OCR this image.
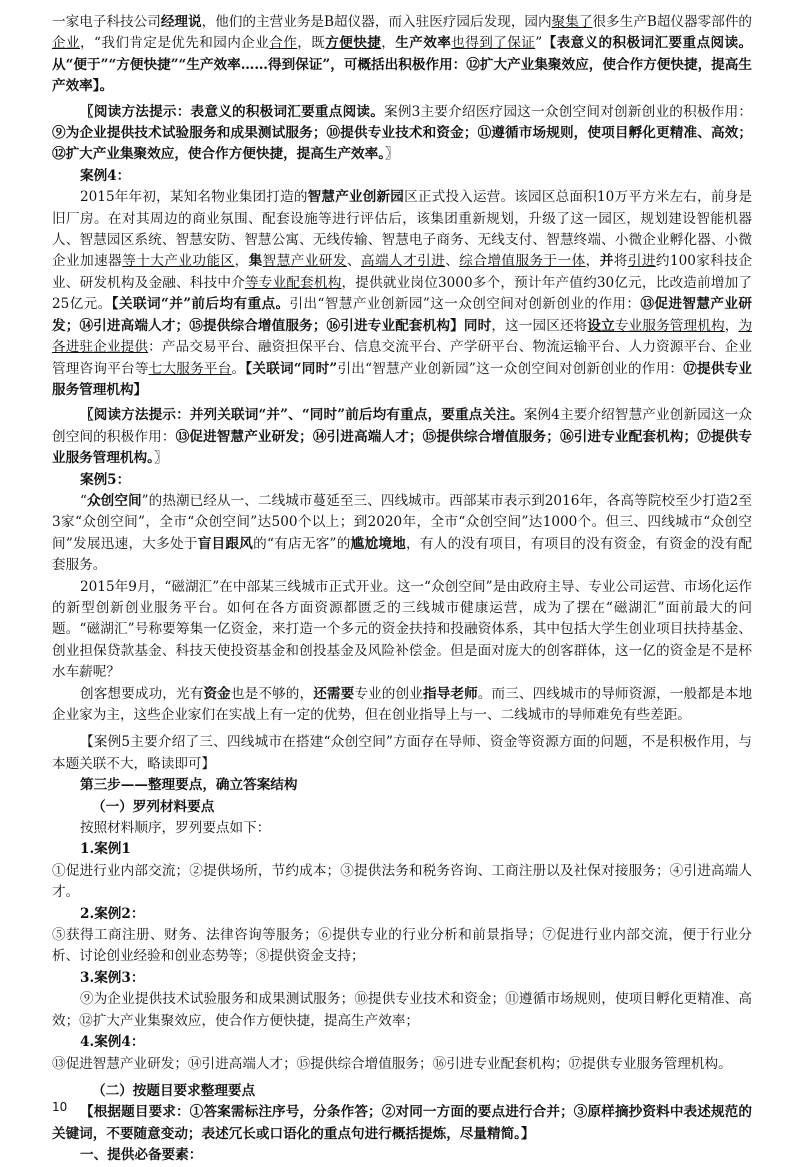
一家电子科技公司经理说，他们的主营业务是B超仪器，而入驻医疗园后发现，园内聚集了很多生产B超仪器零部件的企业，“我们肯定是优先和园内企业合作，既方便快捷，生产效率也得到了保证”【表意义的积极词汇要重点阅读。从“便于”“方便快捷”“生产效率……得到保证”，可概括出积极作用：⑫扩大产业集聚效应，使合作方便快捷，提高生产效率】。

〖阅读方法提示：表意义的积极词汇要重点阅读。案例3主要介绍医疗园这一众创空间对创新创业的积极作用：⑨为企业提供技术试验服务和成果测试服务；⑩提供专业技术和资金；⑪遵循市场规则，使项目孵化更精准、高效；⑫扩大产业集聚效应，使合作方便快捷，提高生产效率。〗

案例4：

2015年年初，某知名物业集团打造的智慧产业创新园区正式投入运营。该园区总面积10万平方米左右，前身是旧厂房。在对其周边的商业氛围、配套设施等进行评估后，该集团重新规划，升级了这一园区，规划建设智能机器人、智慧园区系统、智慧安防、智慧公寓、无线传输、智慧电子商务、无线支付、智慧终端、小微企业孵化器、小微企业加速器等十大产业功能区，集智慧产业研发、高端人才引进、综合增值服务于一体，并将引进约100家科技企业、研发机构及金融、科技中介等专业配套机构，提供就业岗位3000多个，预计年产值约30亿元，比改造前增加了25亿元。【关联词“并”前后均有重点。引出“智慧产业创新园”这一众创空间对创新创业的作用：⑬促进智慧产业研发；⑭引进高端人才；⑮提供综合增值服务；⑯引进专业配套机构】同时，这一园区还将设立专业服务管理机构，为各进驻企业提供：产品交易平台、融资担保平台、信息交流平台、产学研平台、物流运输平台、人力资源平台、企业管理咨询平台等七大服务平台。【关联词“同时”引出“智慧产业创新园”这一众创空间对创新创业的作用：⑰提供专业服务管理机构】

〖阅读方法提示：并列关联词“并”、“同时”前后均有重点，要重点关注。案例4主要介绍智慧产业创新园这一众创空间的积极作用：⑬促进智慧产业研发；⑭引进高端人才；⑮提供综合增值服务；⑯引进专业配套机构；⑰提供专业服务管理机构。〗

案例5：

“众创空间”的热潮已经从一、二线城市蔓延至三、四线城市。西部某市表示到2016年，各高等院校至少打造2至3家“众创空间”，全市“众创空间”达500个以上；到2020年，全市“众创空间”达1000个。但三、四线城市“众创空间”发展迅速，大多处于盲目跟风的“有店无客”的尴尬境地，有人的没有项目，有项目的没有资金，有资金的没有配套服务。

2015年9月，“磁湖汇”在中部某三线城市正式开业。这一“众创空间”是由政府主导、专业公司运营、市场化运作的新型创新创业服务平台。如何在各方面资源都匮乏的三线城市健康运营，成为了摆在“磁湖汇”面前最大的问题。“磁湖汇”号称要筹集一亿资金，来打造一个多元的资金扶持和投融资体系，其中包括大学生创业项目扶持基金、创业担保贷款基金、科技天使投资基金和创投基金及风险补偿金。但是面对庞大的创客群体，这一亿的资金是不是杯水车薪呢？

创客想要成功，光有资金也是不够的，还需要专业的创业指导老师。而三、四线城市的导师资源，一般都是本地企业家为主，这些企业家们在实战上有一定的优势，但在创业指导上与一、二线城市的导师难免有些差距。

【案例5主要介绍了三、四线城市在搭建“众创空间”方面存在导师、资金等资源方面的问题，不是积极作用，与本题关联不大，略读即可】

第三步——整理要点，确立答案结构

（一）罗列材料要点

按照材料顺序，罗列要点如下：

1.案例1

①促进行业内部交流；②提供场所，节约成本；③提供法务和税务咨询、工商注册以及社保对接服务；④引进高端人才。

2.案例2：

⑤获得工商注册、财务、法律咨询等服务；⑥提供专业的行业分析和前景指导；⑦促进行业内部交流，便于行业分析、讨论创业经验和创业态势等；⑧提供资金支持；

3.案例3：

⑨为企业提供技术试验服务和成果测试服务；⑩提供专业技术和资金；⑪遵循市场规则，使项目孵化更精准、高效；⑫扩大产业集聚效应，使合作方便快捷，提高生产效率；

4.案例4：

⑬促进智慧产业研发；⑭引进高端人才；⑮提供综合增值服务；⑯引进专业配套机构；⑰提供专业服务管理机构。

（二）按题目要求整理要点

【根据题目要求：①答案需标注序号，分条作答；②对同一方面的要点进行合并；③原样摘抄资料中表述规范的关键词，不要随意变动；表述冗长或口语化的重点句进行概括提炼，尽量精简。】

一、提供必备要素：

10
